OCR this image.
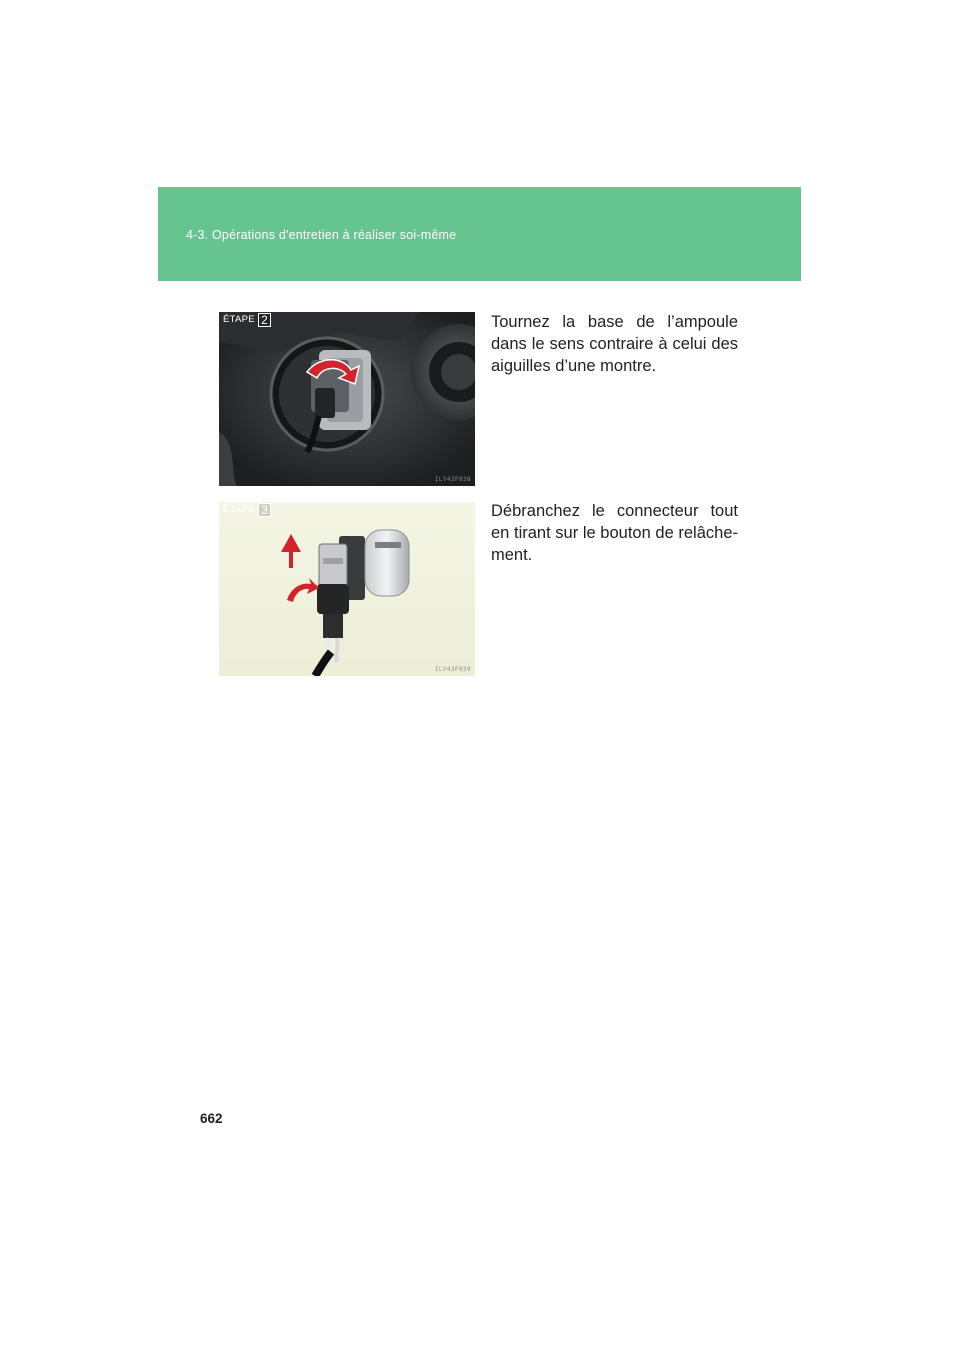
4-3. Opérations d'entretien à réaliser soi-même
ÉTAPE 2
ILY43F038
Tournez la base de l’ampoule dans le sens contraire à celui des aiguilles d’une montre.
ÉTAPE 3
ILY43F039
Débranchez le connecteur tout en tirant sur le bouton de relâche-ment.
662
